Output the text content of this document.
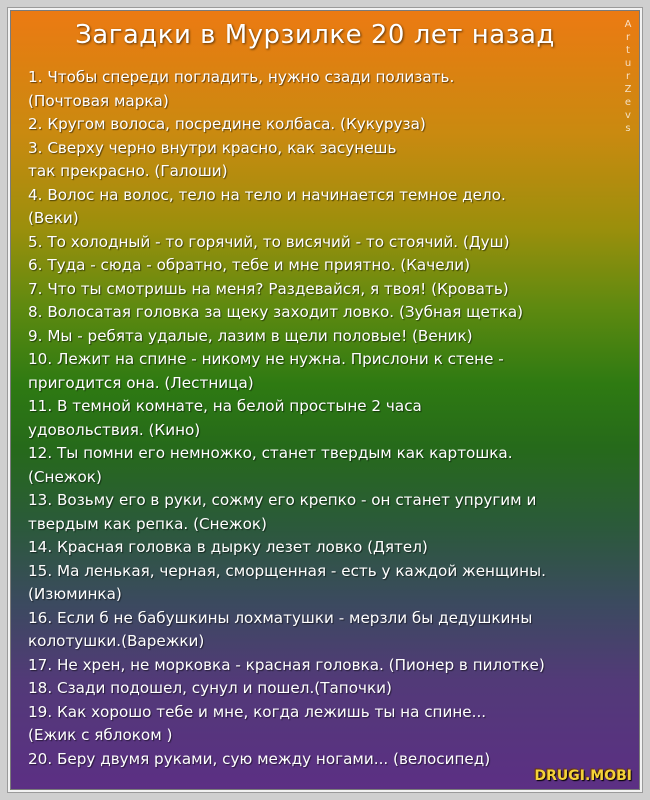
Загадки в Мурзилке 20 лет назад	A
r
t
u
r
Z
e
v
s
1. Чтобы спереди погладить, нужно сзади полизать.
(Почтовая марка)
2. Кругом волоса, посредине колбаса. (Кукуруза)
3. Сверху черно внутри красно, как засунешь
так прекрасно. (Галоши)
4. Волос на волос, тело на тело и начинается темное дело.
(Веки)
5. То холодный - то горячий, то висячий - то стоячий. (Душ)
6. Туда - сюда - обратно, тебе и мне приятно. (Качели)
7. Что ты смотришь на меня? Раздевайся, я твоя! (Кровать)
8. Волосатая головка за щеку заходит ловко. (Зубная щетка)
9. Мы - ребята удалые, лазим в щели половые! (Веник)
10. Лежит на спине - никому не нужна. Прислони к стене -
пригодится она. (Лестница)
11. В темной комнате, на белой простыне 2 часа
удовольствия. (Кино)
12. Ты помни его немножко, станет твердым как картошка.
(Снежок)
13. Возьму его в руки, сожму его крепко - он станет упругим и
твердым как репка. (Снежок)
14. Красная головка в дырку лезет ловко (Дятел)
15. Ма ленькая, черная, сморщенная - есть у каждой женщины.
(Изюминка)
16. Если б не бабушкины лохматушки - мерзли бы дедушкины
колотушки.(Варежки)
17. Не хрен, не морковка - красная головка. (Пионер в пилотке)
18. Сзади подошел, сунул и пошел.(Тапочки)
19. Как хорошо тебе и мне, когда лежишь ты на спине...
(Ежик с яблоком )
20. Беру двумя руками, сую между ногами... (велосипед)
DRUGI.MOBI
